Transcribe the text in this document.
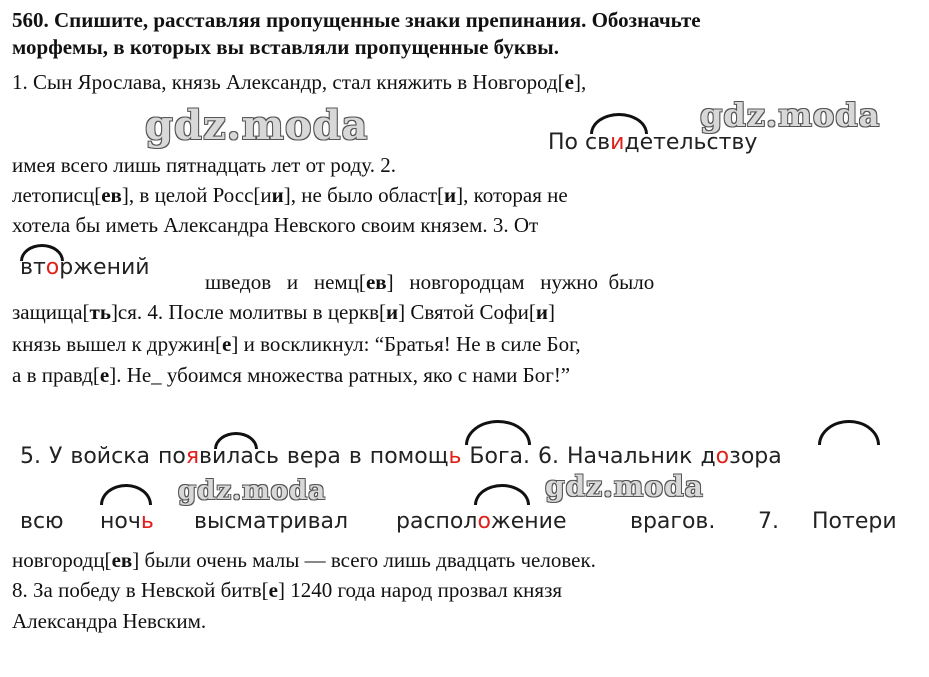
560. Спишите, расставляя пропущенные знаки препинания. Обозначьте
морфемы, в которых вы вставляли пропущенные буквы.
1. Сын Ярослава, князь Александр, стал княжить в Новгород[е],
имея всего лишь пятнадцать лет от роду. 2.
летописц[ев], в целой Росс[ии], не было област[и], которая не
хотела бы иметь Александра Невского своим князем. 3. От
шведов   и   немц[ев]   новгородцам   нужно  было
защища[ть]ся. 4. После молитвы в церкв[и] Святой Софи[и]
князь вышел к дружин[е] и воскликнул: “Братья! Не в силе Бог,
а в правд[е]. Не_ убоимся множества ратных, яко с нами Бог!”
новгородц[ев] были очень малы — всего лишь двадцать человек.
8. За победу в Невской битв[е] 1240 года народ прозвал князя
Александра Невским.
По свидетельству
вторжений
5. У войска появилась вера в помощь Бога. 6. Начальник дозора
всю ночь высматривал расположение	врагов. 7. Потери
gdz.moda	gdz.moda
gdz.moda	gdz.moda
